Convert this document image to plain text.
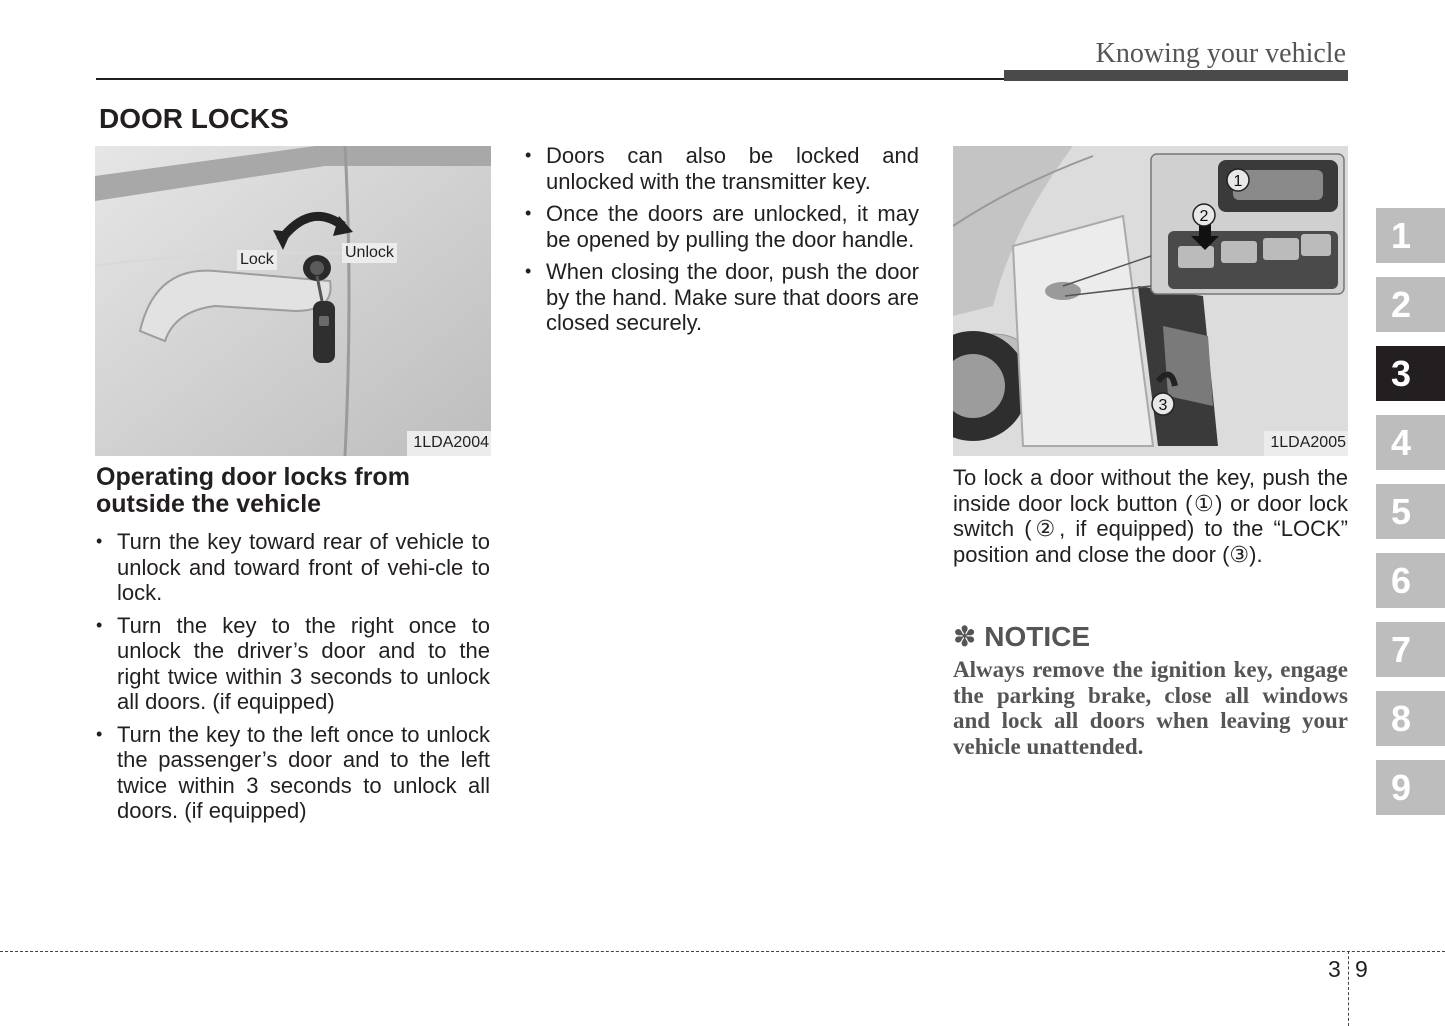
Knowing your vehicle
DOOR LOCKS
Lock	Unlock
1LDA2004
Operating door locks from outside the vehicle
• Turn the key toward rear of vehicle to unlock and toward front of vehi-cle to lock.
• Turn the key to the right once to unlock the driver’s door and to the right twice within 3 seconds to unlock all doors. (if equipped)
• Turn the key to the left once to unlock the passenger’s door and to the left twice within 3 seconds to unlock all doors. (if equipped)
• Doors can also be locked and unlocked with the transmitter key.
• Once the doors are unlocked, it may be opened by pulling the door handle.
• When closing the door, push the door by the hand. Make sure that doors are closed securely.
1
2
3
1LDA2005
To lock a door without the key, push the inside door lock button (①) or door lock switch (②, if equipped) to the “LOCK” position and close the door (③).
✽ NOTICE
Always remove the ignition key, engage the parking brake, close all windows and lock all doors when leaving your vehicle unattended.
1
2
3
4
5
6
7
8
9
3 9
